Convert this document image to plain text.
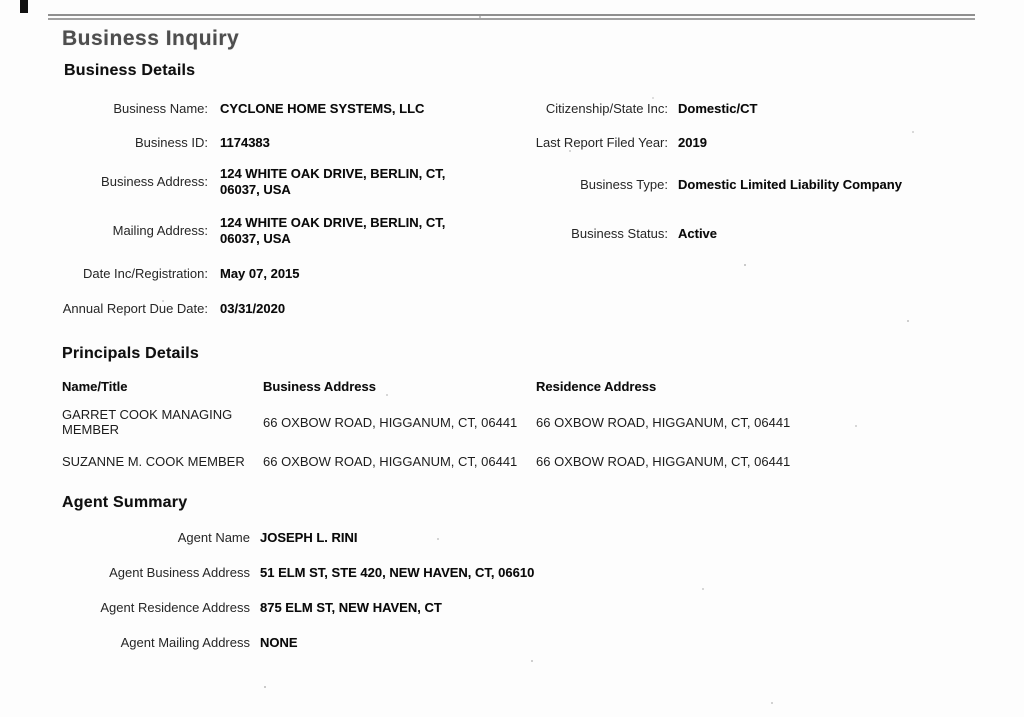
Business Inquiry
Business Details
Business Name: CYCLONE HOME SYSTEMS, LLC
Business ID: 1174383
Business Address:
124 WHITE OAK DRIVE, BERLIN, CT, 06037, USA
Mailing Address:
124 WHITE OAK DRIVE, BERLIN, CT, 06037, USA
Date Inc/Registration: May 07, 2015
Annual Report Due Date: 03/31/2020
Citizenship/State Inc: Domestic/CT
Last Report Filed Year: 2019
Business Type: Domestic Limited Liability Company
Business Status: Active
Principals Details
Name/Title	Business Address	Residence Address
GARRET COOK MANAGING MEMBER	66 OXBOW ROAD, HIGGANUM, CT, 06441	66 OXBOW ROAD, HIGGANUM, CT, 06441
SUZANNE M. COOK MEMBER	66 OXBOW ROAD, HIGGANUM, CT, 06441	66 OXBOW ROAD, HIGGANUM, CT, 06441
Agent Summary
Agent Name JOSEPH L. RINI
Agent Business Address 51 ELM ST, STE 420, NEW HAVEN, CT, 06610
Agent Residence Address 875 ELM ST, NEW HAVEN, CT
Agent Mailing Address NONE
